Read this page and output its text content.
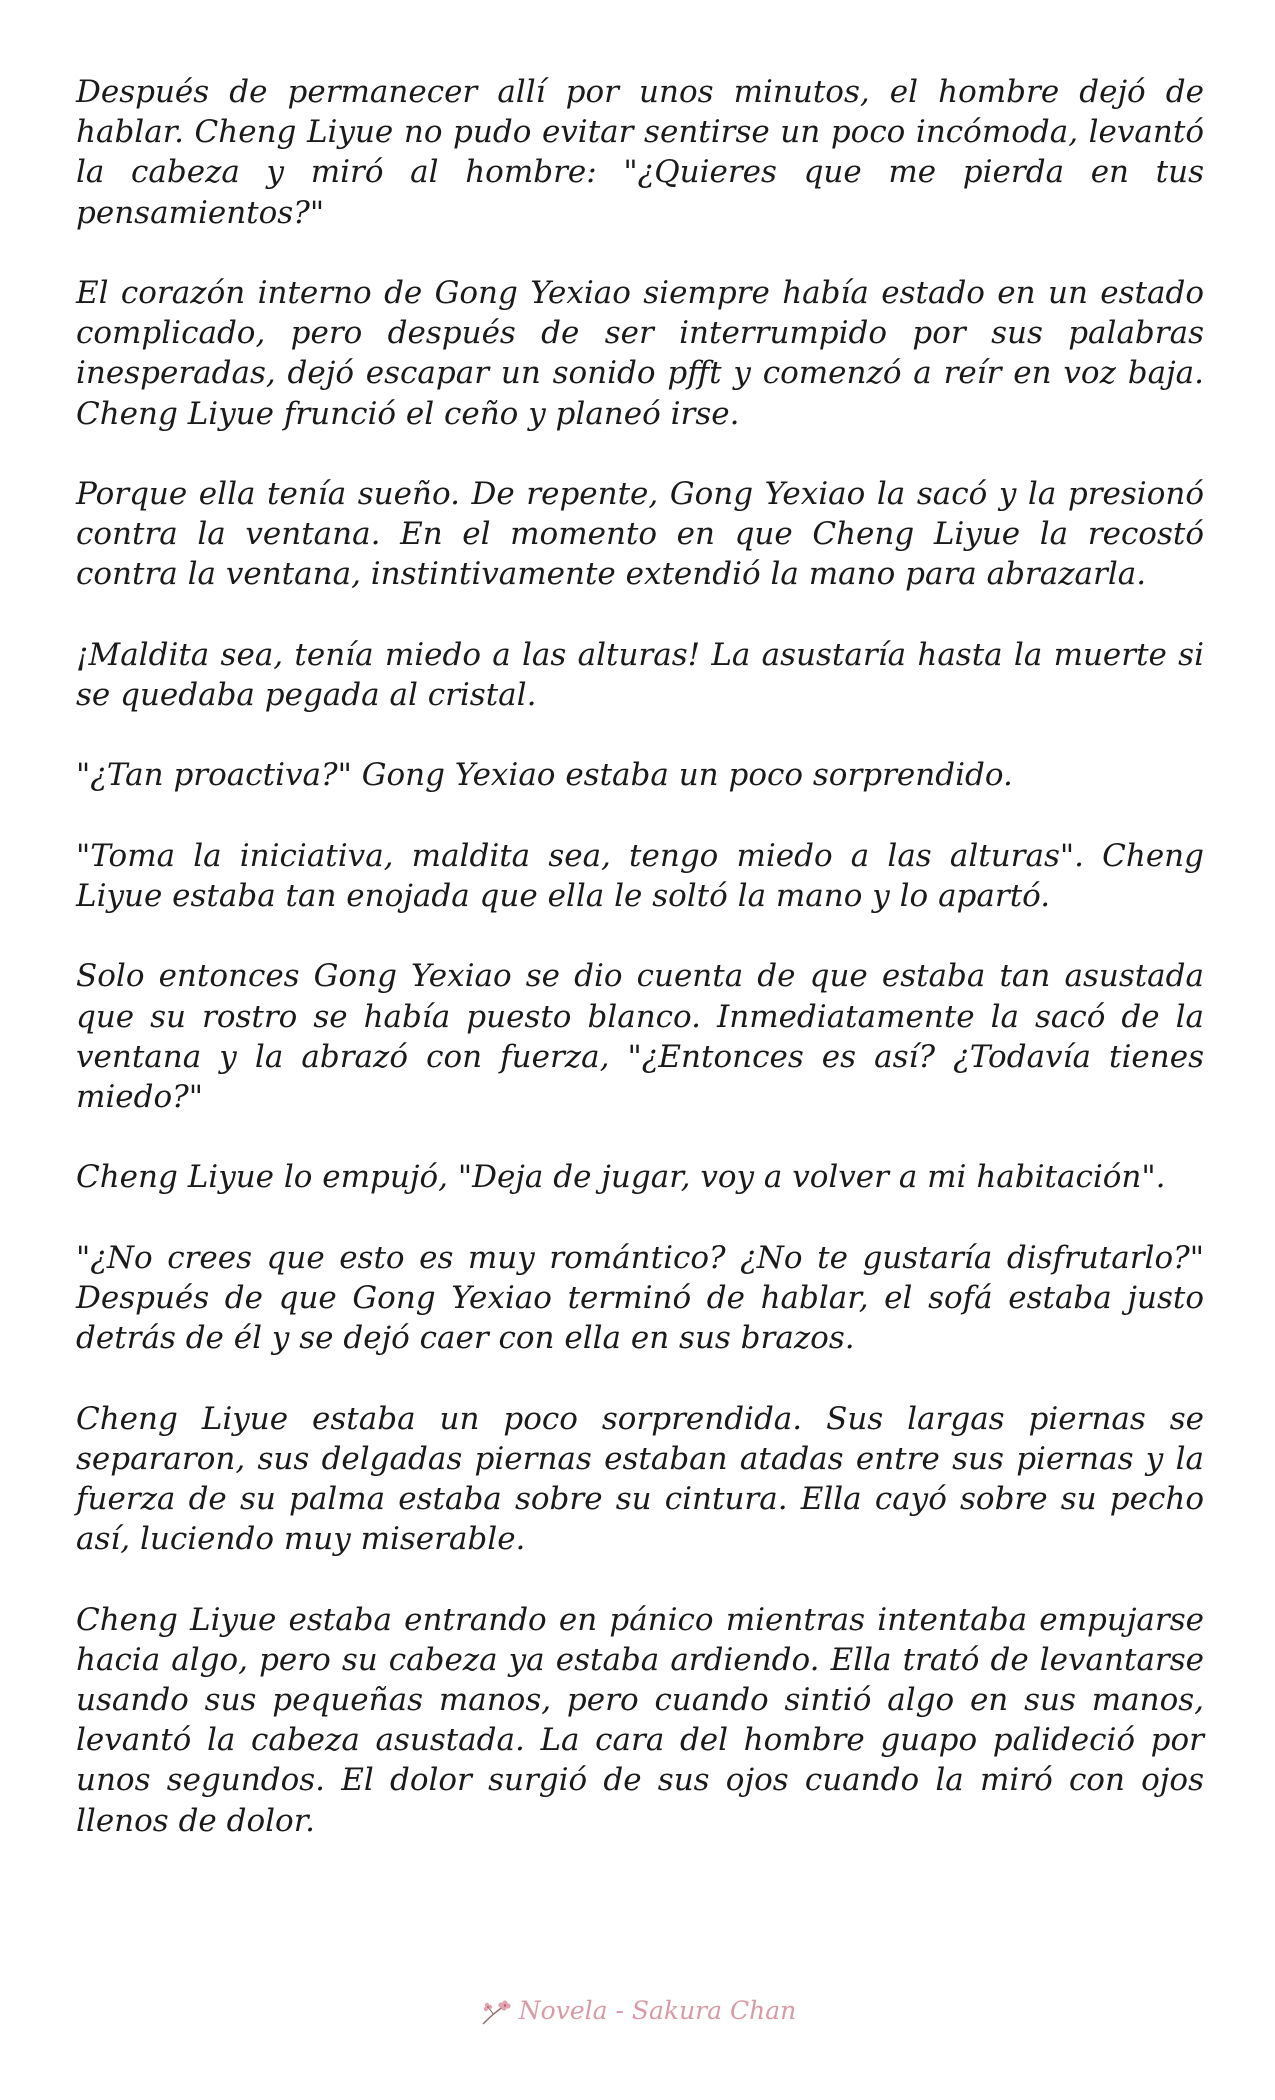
Después de permanecer allí por unos minutos, el hombre dejó de hablar. Cheng Liyue no pudo evitar sentirse un poco incómoda, levantó la cabeza y miró al hombre: "¿Quieres que me pierda en tus pensamientos?"

El corazón interno de Gong Yexiao siempre había estado en un estado complicado, pero después de ser interrumpido por sus palabras inesperadas, dejó escapar un sonido pfft y comenzó a reír en voz baja. Cheng Liyue frunció el ceño y planeó irse.

Porque ella tenía sueño. De repente, Gong Yexiao la sacó y la presionó contra la ventana. En el momento en que Cheng Liyue la recostó contra la ventana, instintivamente extendió la mano para abrazarla.

¡Maldita sea, tenía miedo a las alturas! La asustaría hasta la muerte si se quedaba pegada al cristal.

"¿Tan proactiva?" Gong Yexiao estaba un poco sorprendido.

"Toma la iniciativa, maldita sea, tengo miedo a las alturas". Cheng Liyue estaba tan enojada que ella le soltó la mano y lo apartó.

Solo entonces Gong Yexiao se dio cuenta de que estaba tan asustada que su rostro se había puesto blanco. Inmediatamente la sacó de la ventana y la abrazó con fuerza, "¿Entonces es así? ¿Todavía tienes miedo?"

Cheng Liyue lo empujó, "Deja de jugar, voy a volver a mi habitación".

"¿No crees que esto es muy romántico? ¿No te gustaría disfrutarlo?" Después de que Gong Yexiao terminó de hablar, el sofá estaba justo detrás de él y se dejó caer con ella en sus brazos.

Cheng Liyue estaba un poco sorprendida. Sus largas piernas se separaron, sus delgadas piernas estaban atadas entre sus piernas y la fuerza de su palma estaba sobre su cintura. Ella cayó sobre su pecho así, luciendo muy miserable.

Cheng Liyue estaba entrando en pánico mientras intentaba empujarse hacia algo, pero su cabeza ya estaba ardiendo. Ella trató de levantarse usando sus pequeñas manos, pero cuando sintió algo en sus manos, levantó la cabeza asustada. La cara del hombre guapo palideció por unos segundos. El dolor surgió de sus ojos cuando la miró con ojos llenos de dolor.

Novela - Sakura Chan
